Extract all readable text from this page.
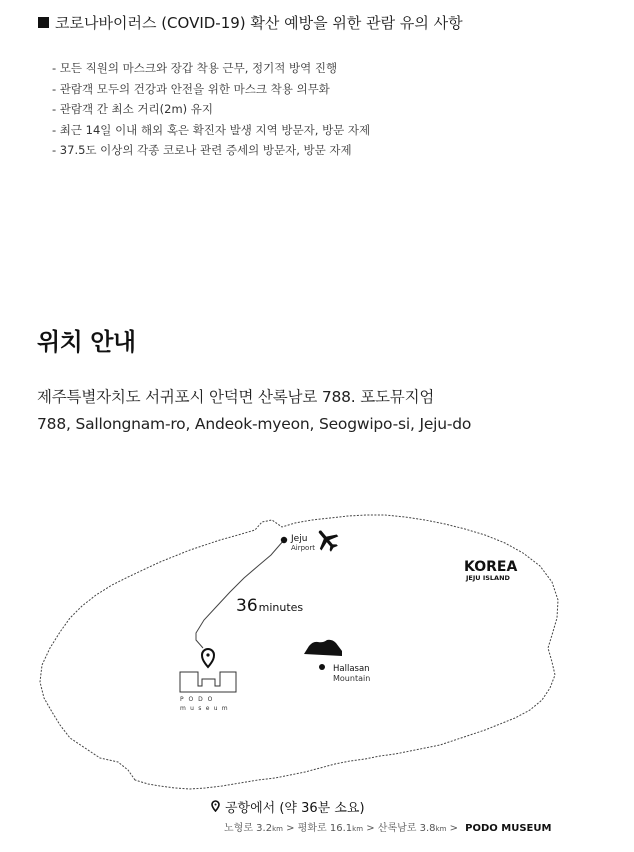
코로나바이러스 (COVID-19) 확산 예방을 위한 관람 유의 사항
- 모든 직원의 마스크와 장갑 착용 근무, 정기적 방역 진행
- 관람객 모두의 건강과 안전을 위한 마스크 착용 의무화
- 관람객 간 최소 거리(2m) 유지
- 최근 14일 이내 해외 혹은 확진자 발생 지역 방문자, 방문 자제
- 37.5도 이상의 각종 코로나 관련 증세의 방문자, 방문 자제
위치 안내
제주특별자치도 서귀포시 안덕면 산록남로 788. 포도뮤지엄
788, Sallongnam-ro, Andeok-myeon, Seogwipo-si, Jeju-do
Jeju
Airport
36minutes
KOREA
JEJU ISLAND
Hallasan
Mountain
P O D O
m u s e u m
공항에서 (약 36분 소요)
노형로 3.2km > 평화로 16.1km > 산록남로 3.8km > PODO MUSEUM
